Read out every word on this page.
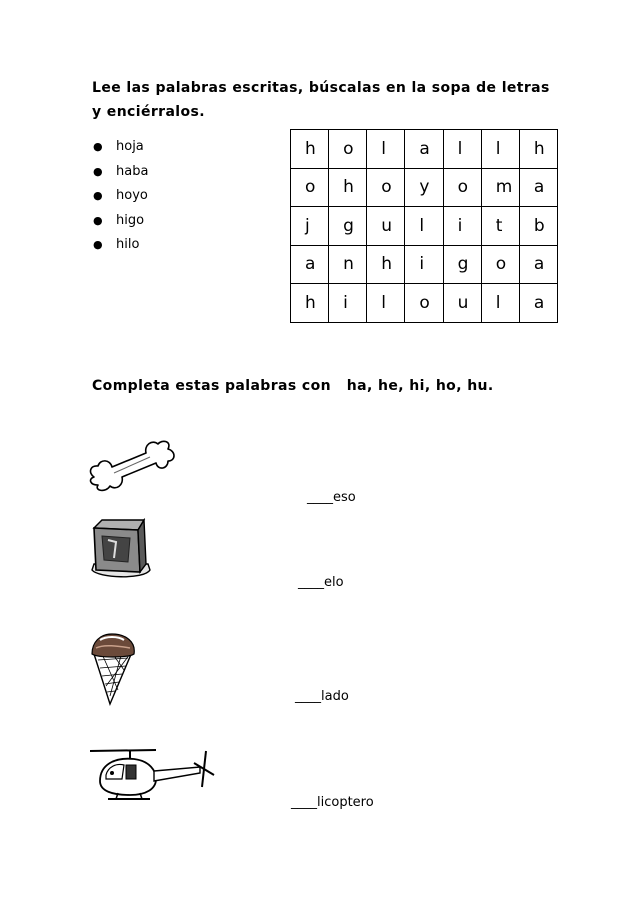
Lee las palabras escritas, búscalas en la sopa de letras y enciérralos.
● hoja
● haba
● hoyo
● higo
● hilo
h	o	l	a	l	l	h
o	h	o	y	o	m	a
j	g	u	l	i	t	b
a	n	h	i	g	o	a
h	i	l	o	u	l	a
Completa estas palabras con ha, he, hi, ho, hu.
____eso
____elo
____lado
____licoptero
